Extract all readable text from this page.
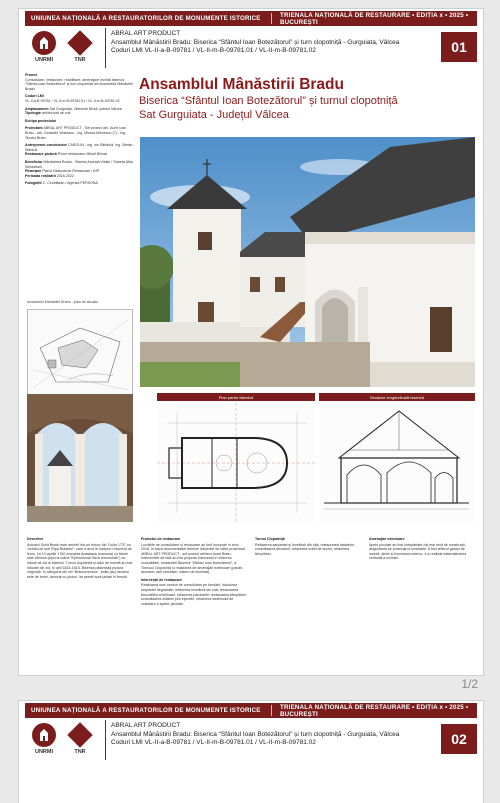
UNIUNEA NAȚIONALĂ A RESTAURATORILOR DE MONUMENTE ISTORICE	TRIENALA NAȚIONALĂ DE RESTAURARE • EDIȚIA x • 2025 • BUCUREȘTI
UNRMI	TNR
ABRAL ART PRODUCT
Ansamblul Mânăstirii Bradu: Biserica “Sfântul Ioan Botezătorul” și turn clopotniță - Gurguiata, Vâlcea
Coduri LMI VL-II-a-B-09781 / VL-II-m-B-09781.01 / VL-II-m-B-09781.02	01

Proiect
Consolidare, restaurare, reabilitare, amenajare incintă biserica “Sfântul Ioan Botezătorul” și turn clopotniță din Ansamblul Mânăstirii Bradu

Coduri LMI
VL-II-a-B-09781 / VL-II-m-B-09781.01 / VL-II-m-B-09781.02

Amplasament Sat Gurguiata, Oltenești Bîrsă, județul Vâlcea
Tipologie arhitectură de cult

Echipa proiectului

Proiectant ABRAL ART PRODUCT - Șef proiect arh. Aurel Ioan Bratu - arh. Octavian Vesteanu - ing. Mirona Mirinescu (?) - ing. Teodor Bratu

Antreprenor-constructor CAROLIN - ing. Ion Săbăuță, ing. Ștefan Stănică
Restaurare pictură Pictor restaurator Mihail Bîrnaŭ

Beneficiar Mănăstirea Bradu - Stareța Arsenia Vlasie / Stareța Alba Sebastiani
Finanțare Planul Național de Restaurare / INP
Perioada realizării 2016-2022

Fotografii C. Ciroblășan / Agenția PERSONA

Ansamblul Mânăstirii Bradu
Biserica “Sfântul Ioan Botezătorul” și turnul clopotniță
Sat Gurguiata - Județul Vâlcea
Ansamblul Mânăstirii Bradu - plan de situație
Plan parter biserică	Secțiune longitudinală biserică
Descriere
Actualul Schit Bradu este amintit într-un hrisov din 3 iulie 1737 ca “schitul de sub Rîpa Bradului”, care a avut la început o biserică de lemn. La 10 aprilie 1760 monahia Anastasia (mamuța) cu fiicele sale Ublicea (apoi la mănă “Ephrosinuța Sava Ieromonah”) au ridicat alt zid al bisericii. Turnul clopotniță și zidul de incintă au fost ridicate din zid, în anii 1815-1816. Biserica păstrează pictura originală. În categoria din stil “Brâncovenesc”, bolta (sic) tavanul este de lemn, decorat cu picturi, iar pereții sunt pictați în frescă.
Proiectul de restaurare
Lucrările de consolidare și restaurare au fost începute în anul 2016, în baza documentației tehnice întocmite de către proiectant ABRAL ART PRODUCT - șef proiect arhitect Aurel Bratu. Intervențiile de față au fost propuse intervenții în vederea consolidării, restaurării Bisericii “Sfântul Ioan Botezătorul”, a Turnului Clopotniță și realizarea de amenajări exterioare (pavări, accesuri, alei circulație, sistem de iluminat).
Intervenții de restaurare
Realizarea unei centuri de consolidare pe fundații; înlocuirea șarpantei degradate; refacerea învelitorii din șiță; restaurarea tencuielilor exterioare; refacerea pardoselii; restaurarea tâmplăriei; consolidarea zidăriei prin injectări; refacerea sistemului de colectare a apelor pluviale.
Turnul Clopotniță
Refacerea șarpantei și învelitorii din șiță; restaurarea fațadelor; consolidarea structurii; refacerea scării de acces; refacerea tâmplăriei.
Amenajări exterioare
Apele pluviale au fost îndepărtate cât mai mult de construcții, asigurându-se protecția la umiditate. A fost refăcut gardul de incintă, aleile și iluminatul exterior; s-a realizat sistematizarea verticală a incintei.
1/2
UNIUNEA NAȚIONALĂ A RESTAURATORILOR DE MONUMENTE ISTORICE	TRIENALA NAȚIONALĂ DE RESTAURARE • EDIȚIA x • 2025 • BUCUREȘTI
UNRMI	TNR
ABRAL ART PRODUCT
Ansamblul Mânăstirii Bradu: Biserica “Sfântul Ioan Botezătorul” și turn clopotniță - Gurguiata, Vâlcea
Coduri LMI VL-II-a-B-09781 / VL-II-m-B-09781.01 / VL-II-m-B-09781.02	02
